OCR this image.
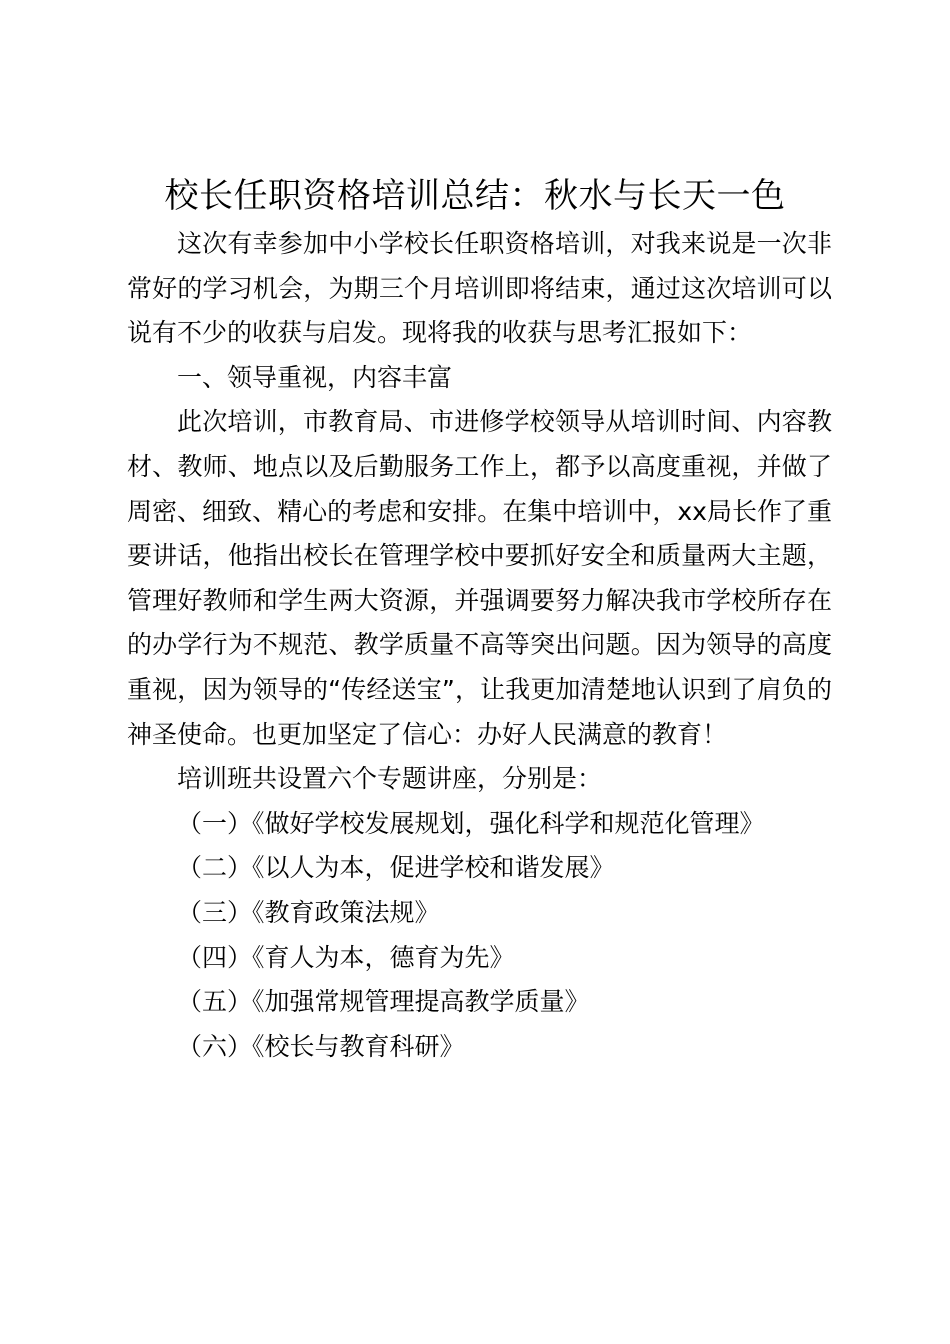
校长任职资格培训总结：秋水与长天一色

这次有幸参加中小学校长任职资格培训，对我来说是一次非常好的学习机会，为期三个月培训即将结束，通过这次培训可以说有不少的收获与启发。现将我的收获与思考汇报如下：

一、领导重视，内容丰富

此次培训，市教育局、市进修学校领导从培训时间、内容教材、教师、地点以及后勤服务工作上，都予以高度重视，并做了周密、细致、精心的考虑和安排。在集中培训中，xx局长作了重要讲话，他指出校长在管理学校中要抓好安全和质量两大主题，管理好教师和学生两大资源，并强调要努力解决我市学校所存在的办学行为不规范、教学质量不高等突出问题。因为领导的高度重视，因为领导的“传经送宝”，让我更加清楚地认识到了肩负的神圣使命。也更加坚定了信心：办好人民满意的教育！

培训班共设置六个专题讲座，分别是：

（一）《做好学校发展规划，强化科学和规范化管理》

（二）《以人为本，促进学校和谐发展》

（三）《教育政策法规》

（四）《育人为本，德育为先》

（五）《加强常规管理提高教学质量》

（六）《校长与教育科研》
